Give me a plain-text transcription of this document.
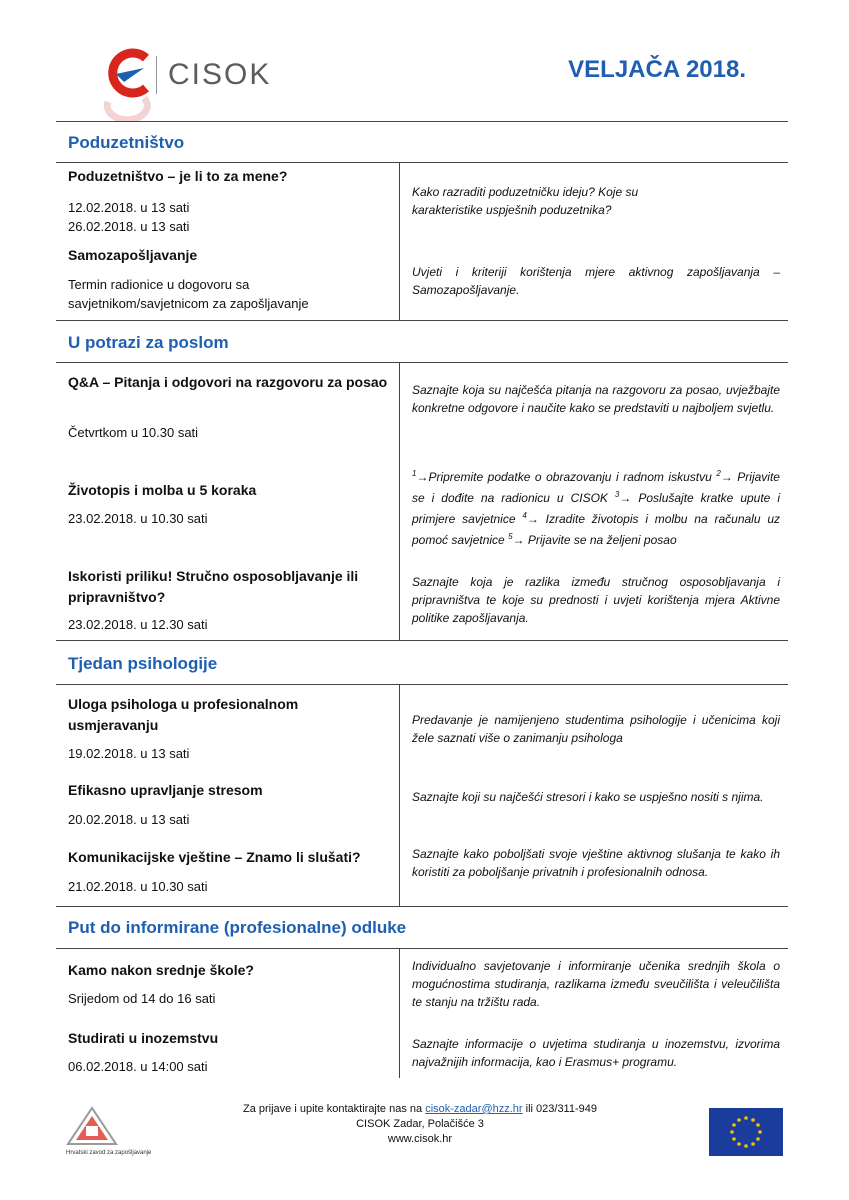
CISOK	VELJAČA 2018.
Poduzetništvo
Poduzetništvo – je li to za mene?
12.02.2018. u 13 sati
26.02.2018. u 13 sati
Kako razraditi poduzetničku ideju? Koje su karakteristike uspješnih poduzetnika?
Samozapošljavanje
Termin radionice u dogovoru sa savjetnikom/savjetnicom za zapošljavanje
Uvjeti i kriteriji korištenja mjere aktivnog zapošljavanja – Samozapošljavanje.
U potrazi za poslom
Q&A – Pitanja i odgovori na razgovoru za posao
Četvrtkom u 10.30 sati
Saznajte koja su najčešća pitanja na razgovoru za posao, uvježbajte konkretne odgovore i naučite kako se predstaviti u najboljem svjetlu.
Životopis i molba u 5 koraka
23.02.2018. u 10.30 sati
$^1$→Pripremite podatke o obrazovanju i radnom iskustvu $^2$→ Prijavite se i dođite na radionicu u CISOK $^3$→ Poslušajte kratke upute i primjere savjetnice $^4$→ Izradite životopis i molbu na računalu uz pomoć savjetnice $^5$→ Prijavite se na željeni posao
Iskoristi priliku! Stručno osposobljavanje ili pripravništvo?
23.02.2018. u 12.30 sati
Saznajte koja je razlika između stručnog osposobljavanja i pripravništva te koje su prednosti i uvjeti korištenja mjera Aktivne politike zapošljavanja.
Tjedan psihologije
Uloga psihologa u profesionalnom usmjeravanju
19.02.2018. u 13 sati
Predavanje je namijenjeno studentima psihologije i učenicima koji žele saznati više o zanimanju psihologa
Efikasno upravljanje stresom
20.02.2018. u 13 sati
Saznajte koji su najčešći stresori i kako se uspješno nositi s njima.
Komunikacijske vještine – Znamo li slušati?
21.02.2018. u 10.30 sati
Saznajte kako poboljšati svoje vještine aktivnog slušanja te kako ih koristiti za poboljšanje privatnih i profesionalnih odnosa.
Put do informirane (profesionalne) odluke
Kamo nakon srednje škole?
Srijedom od 14 do 16 sati
Individualno savjetovanje i informiranje učenika srednjih škola o mogućnostima studiranja, razlikama između sveučilišta i veleučilišta te stanju na tržištu rada.
Studirati u inozemstvu
06.02.2018. u 14:00 sati
Saznajte informacije o uvjetima studiranja u inozemstvu, izvorima najvažnijih informacija, kao i Erasmus+ programu.
Hrvatski zavod za zapošljavanje
Za prijave i upite kontaktirajte nas na cisok-zadar@hzz.hr ili 023/311-949
CISOK Zadar, Polačišće 3
www.cisok.hr
